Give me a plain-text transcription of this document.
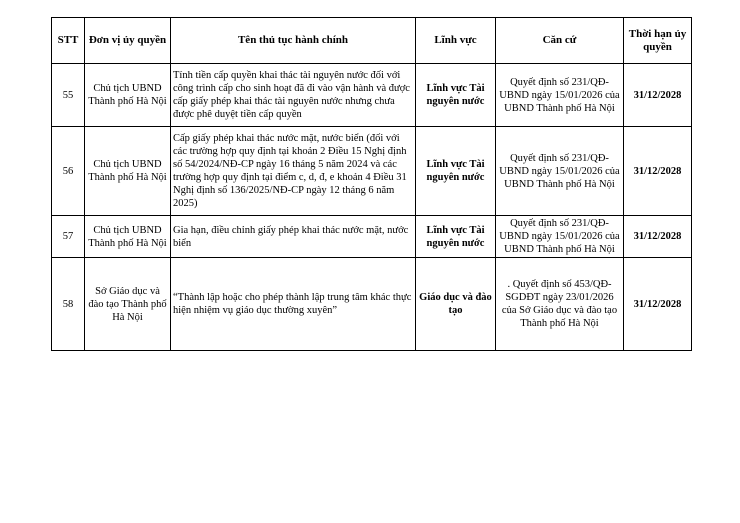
STT	Đơn vị ủy quyền	Tên thủ tục hành chính	Lĩnh vực	Căn cứ	Thời hạn ủy quyền
55	Chủ tịch UBND Thành phố Hà Nội	Tính tiền cấp quyền khai thác tài nguyên nước đối với công trình cấp cho sinh hoạt đã đi vào vận hành và được cấp giấy phép khai thác tài nguyên nước nhưng chưa được phê duyệt tiền cấp quyền	Lĩnh vực Tài nguyên nước	Quyết định số 231/QĐ-UBND ngày 15/01/2026 của UBND Thành phố Hà Nội	31/12/2028
56	Chủ tịch UBND Thành phố Hà Nội	Cấp giấy phép khai thác nước mặt, nước biển (đối với các trường hợp quy định tại khoản 2 Điều 15 Nghị định số 54/2024/NĐ-CP ngày 16 tháng 5 năm 2024 và các trường hợp quy định tại điểm c, d, đ, e khoản 4 Điều 31 Nghị định số 136/2025/NĐ-CP ngày 12 tháng 6 năm 2025)	Lĩnh vực Tài nguyên nước	Quyết định số 231/QĐ-UBND ngày 15/01/2026 của UBND Thành phố Hà Nội	31/12/2028
57	Chủ tịch UBND Thành phố Hà Nội	Gia hạn, điều chỉnh giấy phép khai thác nước mặt, nước biển	Lĩnh vực Tài nguyên nước	Quyết định số 231/QĐ-UBND ngày 15/01/2026 của UBND Thành phố Hà Nội	31/12/2028
58	Sở Giáo dục và đào tạo Thành phố Hà Nội	“Thành lập hoặc cho phép thành lập trung tâm khác thực hiện nhiệm vụ giáo dục thường xuyên”	Giáo dục và đào tạo	. Quyết định số 453/QĐ-SGDĐT ngày 23/01/2026 của Sở Giáo dục và đào tạo Thành phố Hà Nội	31/12/2028
